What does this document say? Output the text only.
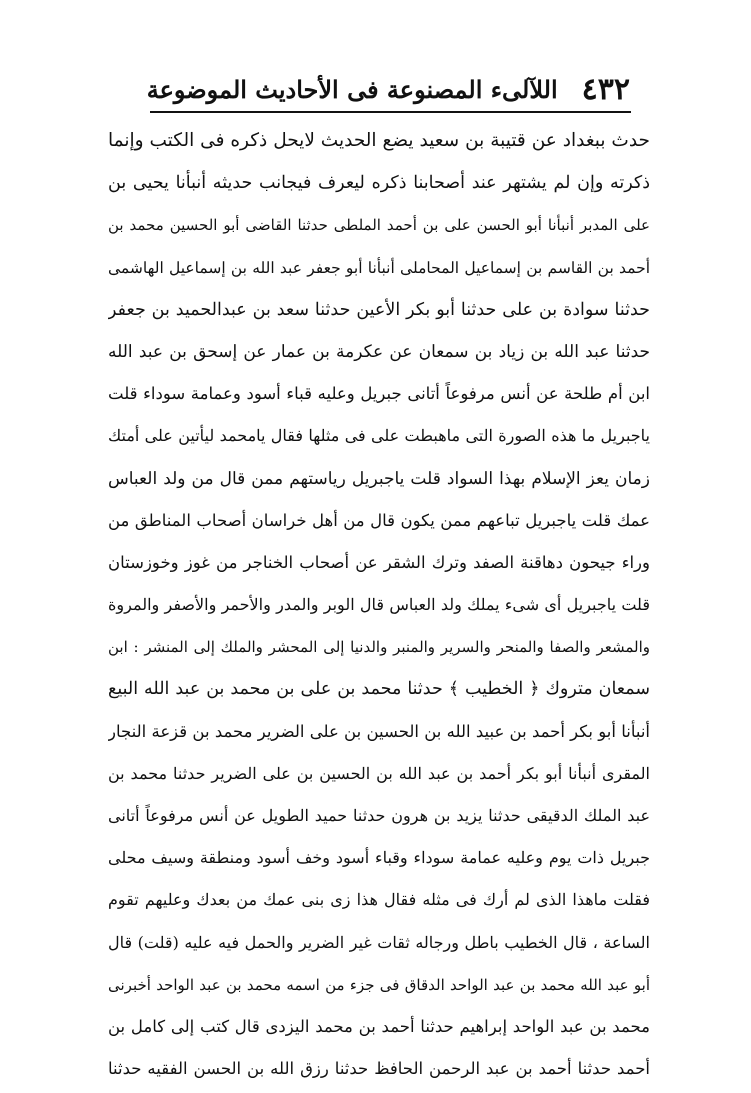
٤٣٢
اللآلىء المصنوعة فى الأحاديث الموضوعة
حدث ببغداد عن قتيبة بن سعيد يضع الحديث لايحل ذكره فى الكتب وإنما
ذكرته وإن لم يشتهر عند أصحابنا ذكره ليعرف فيجانب حديثه أنبأنا يحيى بن
على المدبر أنبأنا أبو الحسن على بن أحمد الملطى حدثنا القاضى أبو الحسين محمد بن
أحمد بن القاسم بن إسماعيل المحاملى أنبأنا أبو جعفر عبد الله بن إسماعيل الهاشمى
حدثنا سوادة بن على حدثنا أبو بكر الأعين حدثنا سعد بن عبدالحميد بن جعفر
حدثنا عبد الله بن زياد بن سمعان عن عكرمة بن عمار عن إسحق بن عبد الله
ابن أم طلحة عن أنس مرفوعاً أتانى جبريل وعليه قباء أسود وعمامة سوداء قلت
ياجبريل ما هذه الصورة التى ماهبطت على فى مثلها فقال يامحمد ليأتين على أمتك
زمان يعز الإسلام بهذا السواد قلت ياجبريل رياستهم ممن قال من ولد العباس
عمك قلت ياجبريل تباعهم ممن يكون قال من أهل خراسان أصحاب المناطق من
وراء جيحون دهاقنة الصفد وترك الشقر عن أصحاب الخناجر من غوز وخوزستان
قلت ياجبريل أى شىء يملك ولد العباس قال الوبر والمدر والأحمر والأصفر والمروة
والمشعر والصفا والمنحر والسرير والمنبر والدنيا إلى المحشر والملك إلى المنشر : ابن
سمعان متروك ﴿ الخطيب ﴾ حدثنا محمد بن على بن محمد بن عبد الله البيع
أنبأنا أبو بكر أحمد بن عبيد الله بن الحسين بن على الضرير محمد بن قزعة النجار
المقرى أنبأنا أبو بكر أحمد بن عبد الله بن الحسين بن على الضرير حدثنا محمد بن
عبد الملك الدقيقى حدثنا يزيد بن هرون حدثنا حميد الطويل عن أنس مرفوعاً أتانى
جبريل ذات يوم وعليه عمامة سوداء وقباء أسود وخف أسود ومنطقة وسيف محلى
فقلت ماهذا الذى لم أرك فى مثله فقال هذا زى بنى عمك من بعدك وعليهم تقوم
الساعة ، قال الخطيب باطل ورجاله ثقات غير الضرير والحمل فيه عليه (قلت) قال
أبو عبد الله محمد بن عبد الواحد الدقاق فى جزء من اسمه محمد بن عبد الواحد أخبرنى
محمد بن عبد الواحد إبراهيم حدثنا أحمد بن محمد اليزدى قال كتب إلى كامل بن
أحمد حدثنا أحمد بن عبد الرحمن الحافظ حدثنا رزق الله بن الحسن الفقيه حدثنا
